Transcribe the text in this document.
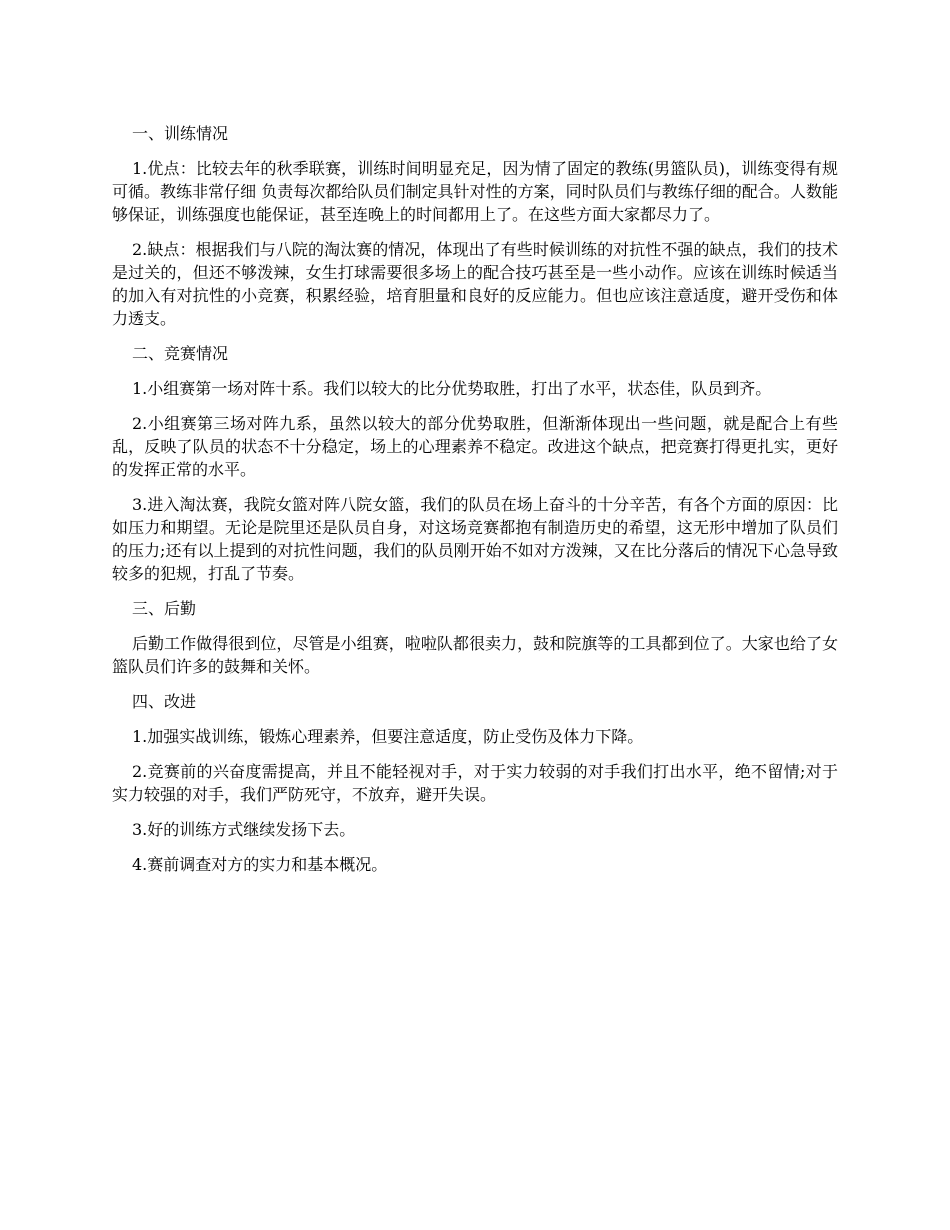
一、训练情况

1.优点：比较去年的秋季联赛，训练时间明显充足，因为情了固定的教练(男篮队员)，训练变得有规可循。教练非常仔细 负责每次都给队员们制定具针对性的方案，同时队员们与教练仔细的配合。人数能够保证，训练强度也能保证，甚至连晚上的时间都用上了。在这些方面大家都尽力了。

2.缺点：根据我们与八院的淘汰赛的情况，体现出了有些时候训练的对抗性不强的缺点，我们的技术是过关的，但还不够泼辣，女生打球需要很多场上的配合技巧甚至是一些小动作。应该在训练时候适当的加入有对抗性的小竞赛，积累经验，培育胆量和良好的反应能力。但也应该注意适度，避开受伤和体力透支。

二、竞赛情况

1.小组赛第一场对阵十系。我们以较大的比分优势取胜，打出了水平，状态佳，队员到齐。

2.小组赛第三场对阵九系，虽然以较大的部分优势取胜，但渐渐体现出一些问题，就是配合上有些乱，反映了队员的状态不十分稳定，场上的心理素养不稳定。改进这个缺点，把竞赛打得更扎实，更好的发挥正常的水平。

3.进入淘汰赛，我院女篮对阵八院女篮，我们的队员在场上奋斗的十分辛苦，有各个方面的原因：比如压力和期望。无论是院里还是队员自身，对这场竞赛都抱有制造历史的希望，这无形中增加了队员们的压力;还有以上提到的对抗性问题，我们的队员刚开始不如对方泼辣，又在比分落后的情况下心急导致较多的犯规，打乱了节奏。

三、后勤

后勤工作做得很到位，尽管是小组赛，啦啦队都很卖力，鼓和院旗等的工具都到位了。大家也给了女篮队员们许多的鼓舞和关怀。

四、改进

1.加强实战训练，锻炼心理素养，但要注意适度，防止受伤及体力下降。

2.竞赛前的兴奋度需提高，并且不能轻视对手，对于实力较弱的对手我们打出水平，绝不留情;对于实力较强的对手，我们严防死守，不放弃，避开失误。

3.好的训练方式继续发扬下去。

4.赛前调查对方的实力和基本概况。
